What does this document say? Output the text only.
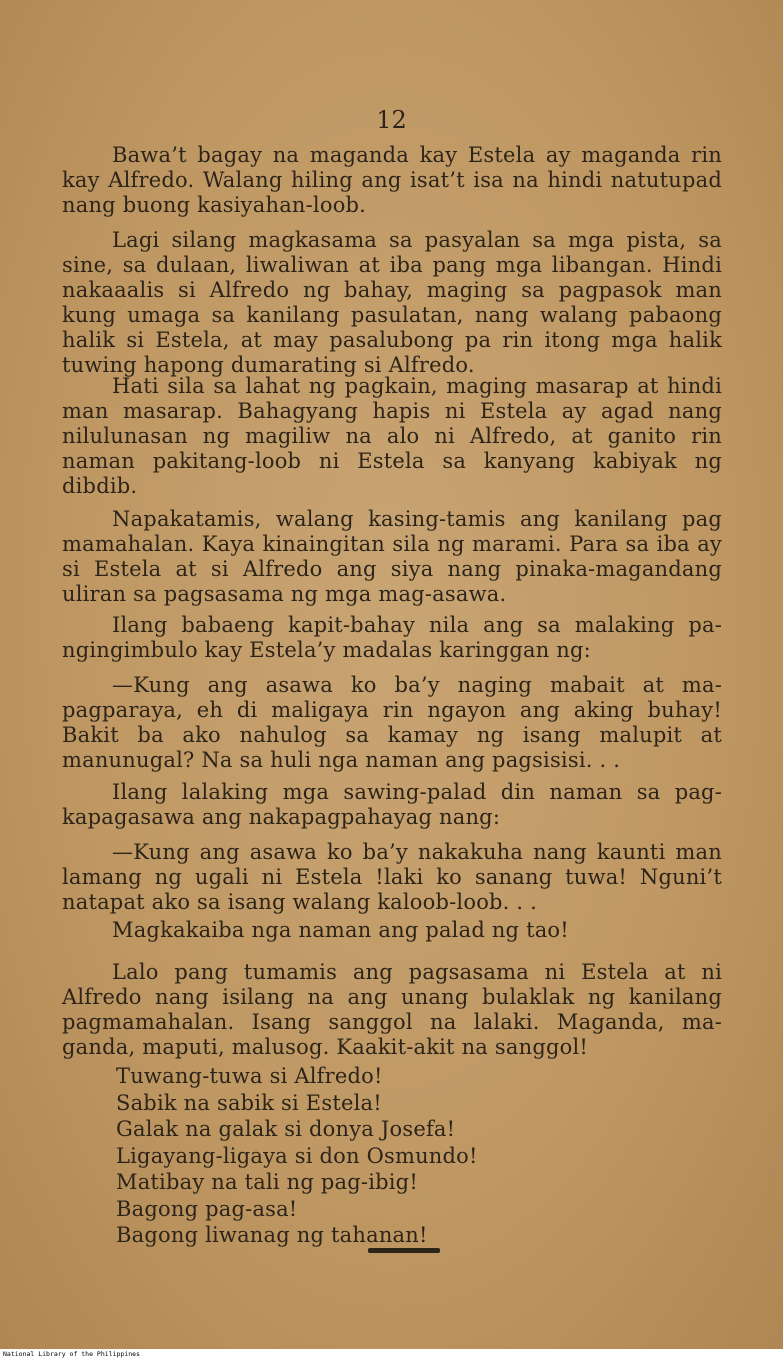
12

Bawa’t bagay na maganda kay Estela ay maganda rin kay Alfredo. Walang hiling ang isat’t isa na hindi natutupad nang buong kasiyahan-loob.

Lagi silang magkasama sa pasyalan sa mga pista, sa sine, sa dulaan, liwaliwan at iba pang mga libangan. Hindi nakaaalis si Alfredo ng bahay, maging sa pagpasok man kung umaga sa kanilang pasulatan, nang walang pabaong halik si Estela, at may pasalubong pa rin itong mga halik tuwing hapong dumarating si Alfredo.

Hati sila sa lahat ng pagkain, maging masarap at hindi man masarap. Bahagyang hapis ni Estela ay agad nang nilulunasan ng magiliw na alo ni Alfredo, at ganito rin naman pakitang-loob ni Estela sa kanyang kabiyak ng dibdib.

Napakatamis, walang kasing-tamis ang kanilang pag mamahalan. Kaya kinaingitan sila ng marami. Para sa iba ay si Estela at si Alfredo ang siya nang pinaka-magandang uliran sa pagsasama ng mga mag-asawa.

Ilang babaeng kapit-bahay nila ang sa malaking pa-ngingimbulo kay Estela’y madalas karinggan ng:

—Kung ang asawa ko ba’y naging mabait at ma-pagparaya, eh di maligaya rin ngayon ang aking buhay! Bakit ba ako nahulog sa kamay ng isang malupit at manunugal? Na sa huli nga naman ang pagsisisi. . .

Ilang lalaking mga sawing-palad din naman sa pag-kapagasawa ang nakapagpahayag nang:

—Kung ang asawa ko ba’y nakakuha nang kaunti man lamang ng ugali ni Estela !laki ko sanang tuwa! Nguni’t natapat ako sa isang walang kaloob-loob. . .

Magkakaiba nga naman ang palad ng tao!

Lalo pang tumamis ang pagsasama ni Estela at ni Alfredo nang isilang na ang unang bulaklak ng kanilang pagmamahalan. Isang sanggol na lalaki. Maganda, ma-ganda, maputi, malusog. Kaakit-akit na sanggol!

Tuwang-tuwa si Alfredo!
Sabik na sabik si Estela!
Galak na galak si donya Josefa!
Ligayang-ligaya si don Osmundo!
Matibay na tali ng pag-ibig!
Bagong pag-asa!
Bagong liwanag ng tahanan!
National Library of the Philippines
